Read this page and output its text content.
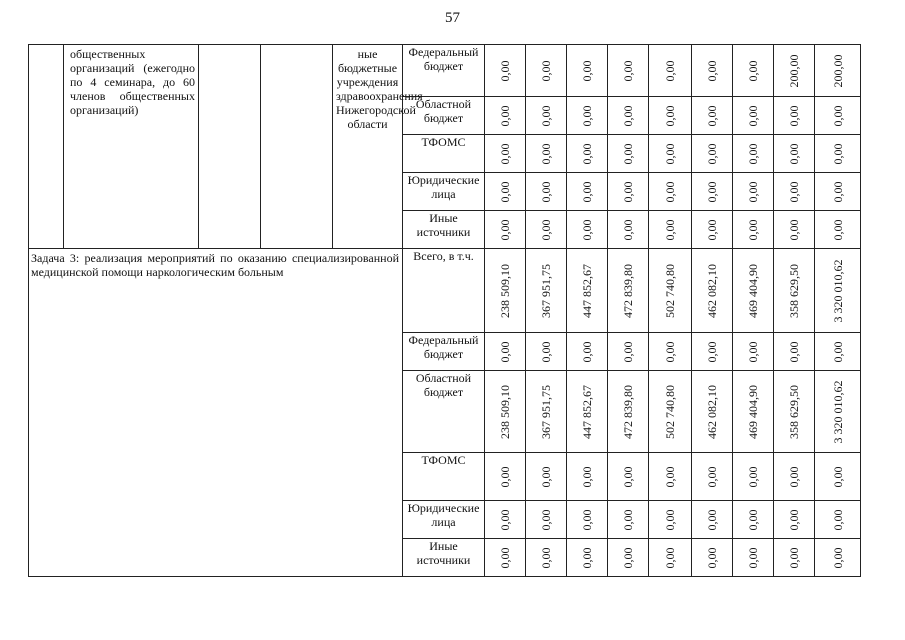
57

	общественных организаций (ежегодно по 4 семинара, до 60 членов общественных организаций)			ные бюджетные учреждения здравоохранения Нижегородской области	Федеральный бюджет	0,00	0,00	0,00	0,00	0,00	0,00	0,00	200,00	200,00

					Областной бюджет	0,00	0,00	0,00	0,00	0,00	0,00	0,00	0,00	0,00

					ТФОМС	0,00	0,00	0,00	0,00	0,00	0,00	0,00	0,00	0,00

					Юридические лица	0,00	0,00	0,00	0,00	0,00	0,00	0,00	0,00	0,00

					Иные источники	0,00	0,00	0,00	0,00	0,00	0,00	0,00	0,00	0,00

Задача 3: реализация мероприятий по оказанию специализированной медицинской помощи наркологическим больным					Всего, в т.ч.	238 509,10	367 951,75	447 852,67	472 839,80	502 740,80	462 082,10	469 404,90	358 629,50	3 320 010,62

					Федеральный бюджет	0,00	0,00	0,00	0,00	0,00	0,00	0,00	0,00	0,00

					Областной бюджет	238 509,10	367 951,75	447 852,67	472 839,80	502 740,80	462 082,10	469 404,90	358 629,50	3 320 010,62

					ТФОМС	0,00	0,00	0,00	0,00	0,00	0,00	0,00	0,00	0,00

					Юридические лица	0,00	0,00	0,00	0,00	0,00	0,00	0,00	0,00	0,00

					Иные источники	0,00	0,00	0,00	0,00	0,00	0,00	0,00	0,00	0,00
